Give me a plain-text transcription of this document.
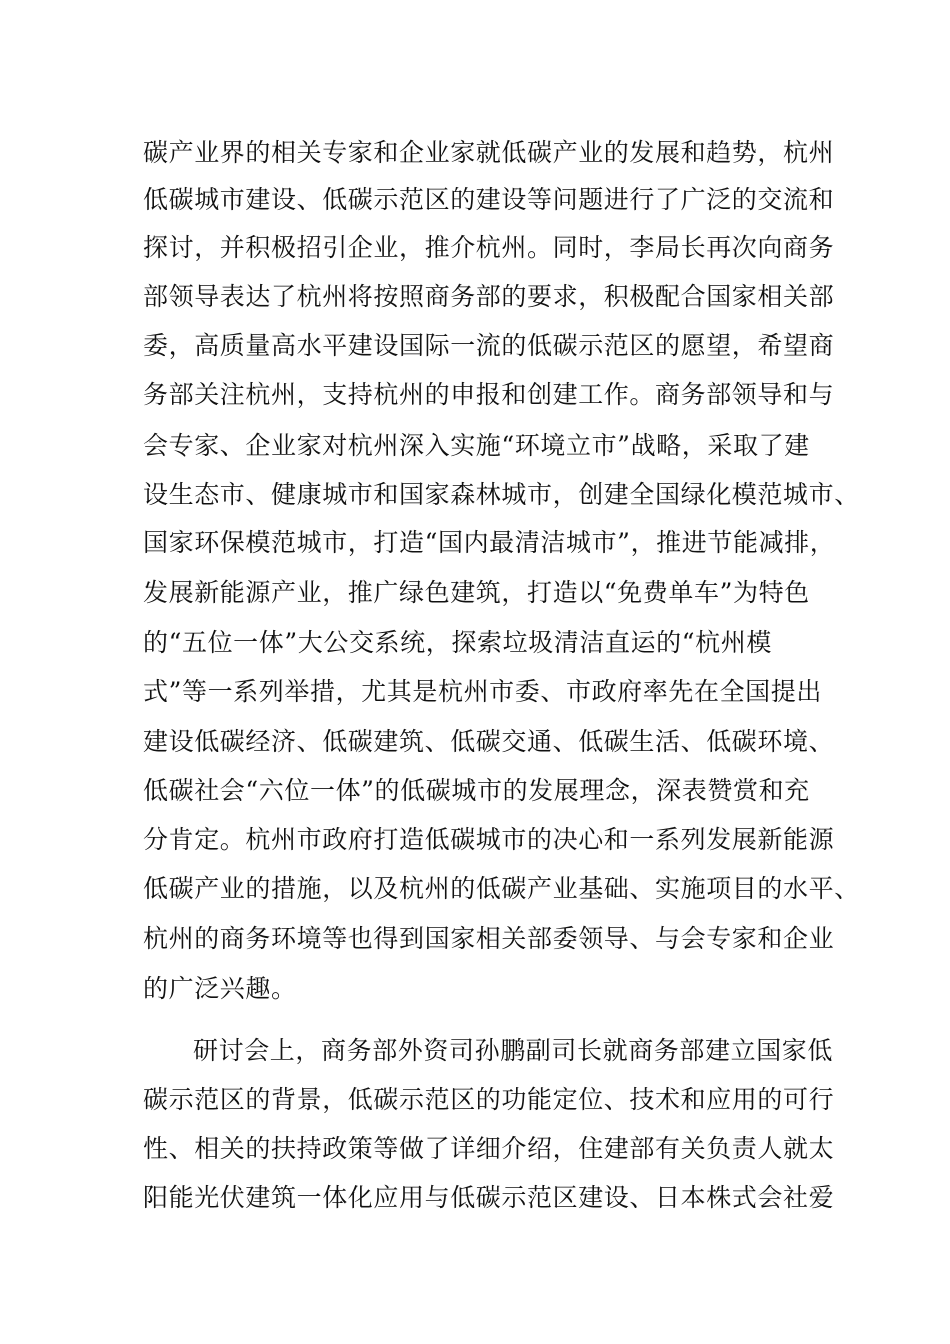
碳产业界的相关专家和企业家就低碳产业的发展和趋势，杭州
低碳城市建设、低碳示范区的建设等问题进行了广泛的交流和
探讨，并积极招引企业，推介杭州。同时，李局长再次向商务
部领导表达了杭州将按照商务部的要求，积极配合国家相关部
委，高质量高水平建设国际一流的低碳示范区的愿望，希望商
务部关注杭州，支持杭州的申报和创建工作。商务部领导和与
会专家、企业家对杭州深入实施“环境立市”战略，采取了建
设生态市、健康城市和国家森林城市，创建全国绿化模范城市、
国家环保模范城市，打造“国内最清洁城市”，推进节能减排，
发展新能源产业，推广绿色建筑，打造以“免费单车”为特色
的“五位一体”大公交系统，探索垃圾清洁直运的“杭州模
式”等一系列举措，尤其是杭州市委、市政府率先在全国提出
建设低碳经济、低碳建筑、低碳交通、低碳生活、低碳环境、
低碳社会“六位一体”的低碳城市的发展理念，深表赞赏和充
分肯定。杭州市政府打造低碳城市的决心和一系列发展新能源
低碳产业的措施，以及杭州的低碳产业基础、实施项目的水平、
杭州的商务环境等也得到国家相关部委领导、与会专家和企业
的广泛兴趣。
研讨会上，商务部外资司孙鹏副司长就商务部建立国家低
碳示范区的背景，低碳示范区的功能定位、技术和应用的可行
性、相关的扶持政策等做了详细介绍，住建部有关负责人就太
阳能光伏建筑一体化应用与低碳示范区建设、日本株式会社爱
